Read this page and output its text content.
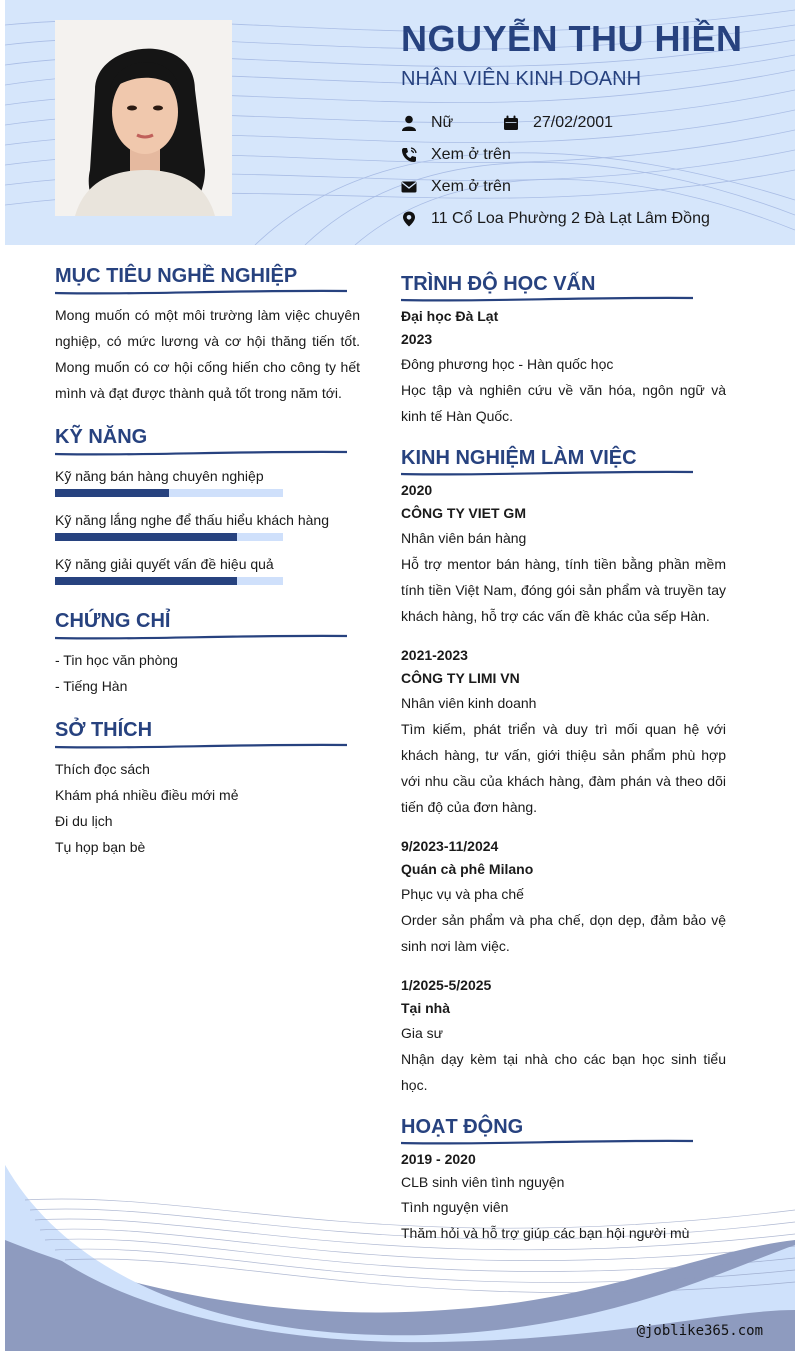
NGUYỄN THU HIỀN
NHÂN VIÊN KINH DOANH
Nữ	27/02/2001
Xem ở trên
Xem ở trên
11 Cổ Loa Phường 2 Đà Lạt Lâm Đồng
MỤC TIÊU NGHỀ NGHIỆP
Mong muốn có một môi trường làm việc chuyên nghiệp, có mức lương và cơ hội thăng tiến tốt. Mong muốn có cơ hội cống hiến cho công ty hết mình và đạt được thành quả tốt trong năm tới.
KỸ NĂNG
Kỹ năng bán hàng chuyên nghiệp
Kỹ năng lắng nghe để thấu hiểu khách hàng
Kỹ năng giải quyết vấn đề hiệu quả
CHỨNG CHỈ
- Tin học văn phòng
- Tiếng Hàn
SỞ THÍCH
Thích đọc sách
Khám phá nhiều điều mới mẻ
Đi du lịch
Tụ họp bạn bè
TRÌNH ĐỘ HỌC VẤN
Đại học Đà Lạt
2023
Đông phương học - Hàn quốc học
Học tập và nghiên cứu về văn hóa, ngôn ngữ và kinh tế Hàn Quốc.
KINH NGHIỆM LÀM VIỆC
2020
CÔNG TY VIET GM
Nhân viên bán hàng
Hỗ trợ mentor bán hàng, tính tiền bằng phần mềm tính tiền Việt Nam, đóng gói sản phẩm và truyền tay khách hàng, hỗ trợ các vấn đề khác của sếp Hàn.
2021-2023
CÔNG TY LIMI VN
Nhân viên kinh doanh
Tìm kiếm, phát triển và duy trì mối quan hệ với khách hàng, tư vấn, giới thiệu sản phẩm phù hợp với nhu cầu của khách hàng, đàm phán và theo dõi tiến độ của đơn hàng.
9/2023-11/2024
Quán cà phê Milano
Phục vụ và pha chế
Order sản phẩm và pha chế, dọn dẹp, đảm bảo vệ sinh nơi làm việc.
1/2025-5/2025
Tại nhà
Gia sư
Nhận dạy kèm tại nhà cho các bạn học sinh tiểu học.
HOẠT ĐỘNG
2019 - 2020
CLB sinh viên tình nguyện
Tình nguyện viên
Thăm hỏi và hỗ trợ giúp các bạn hội người mù
@joblike365.com
